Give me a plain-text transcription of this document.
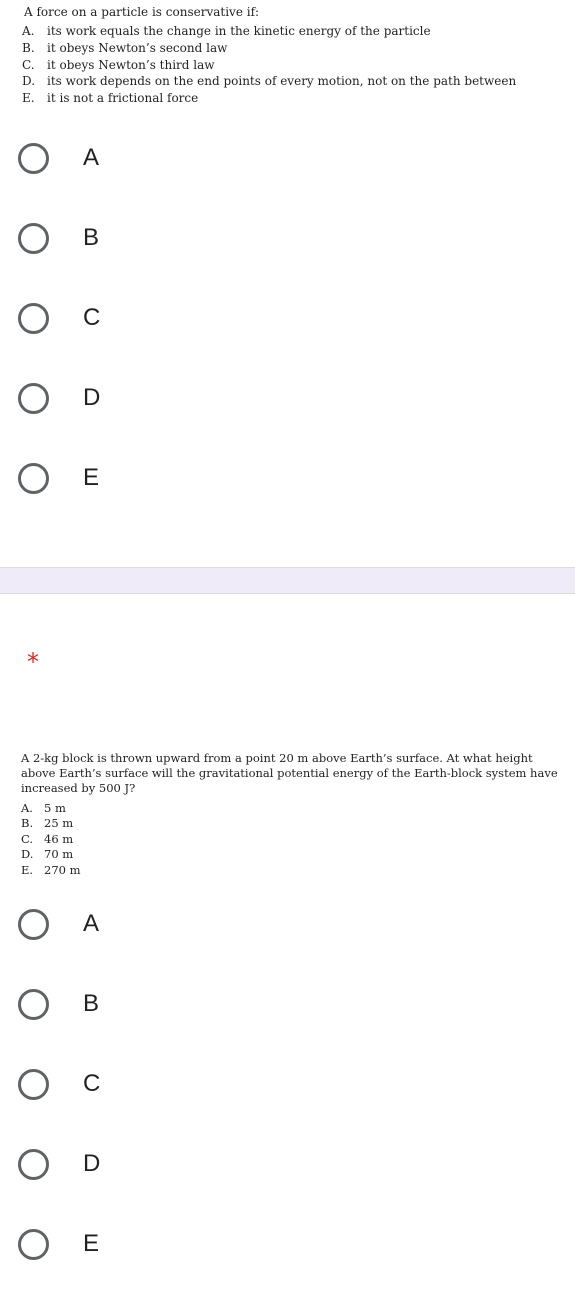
A force on a particle is conservative if:
A. its work equals the change in the kinetic energy of the particle
B. it obeys Newton’s second law
C. it obeys Newton’s third law
D. its work depends on the end points of every motion, not on the path between
E. it is not a frictional force
A
B
C
D
E
*
A 2-kg block is thrown upward from a point 20 m above Earth’s surface. At what height above Earth’s surface will the gravitational potential energy of the Earth-block system have increased by 500 J?
A. 5 m
B. 25 m
C. 46 m
D. 70 m
E. 270 m
A
B
C
D
E
